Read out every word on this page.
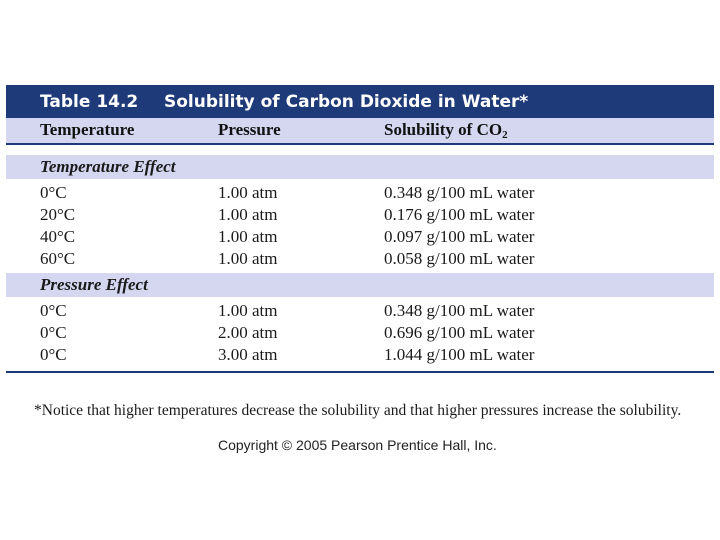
Table 14.2	Solubility of Carbon Dioxide in Water*
Temperature	Pressure	Solubility of $CO_2$
Temperature Effect
0°C	1.00 atm	0.348 g/100 mL water
20°C	1.00 atm	0.176 g/100 mL water
40°C	1.00 atm	0.097 g/100 mL water
60°C	1.00 atm	0.058 g/100 mL water
Pressure Effect
0°C	1.00 atm	0.348 g/100 mL water
0°C	2.00 atm	0.696 g/100 mL water
0°C	3.00 atm	1.044 g/100 mL water
*Notice that higher temperatures decrease the solubility and that higher pressures increase the solubility.
Copyright © 2005 Pearson Prentice Hall, Inc.
